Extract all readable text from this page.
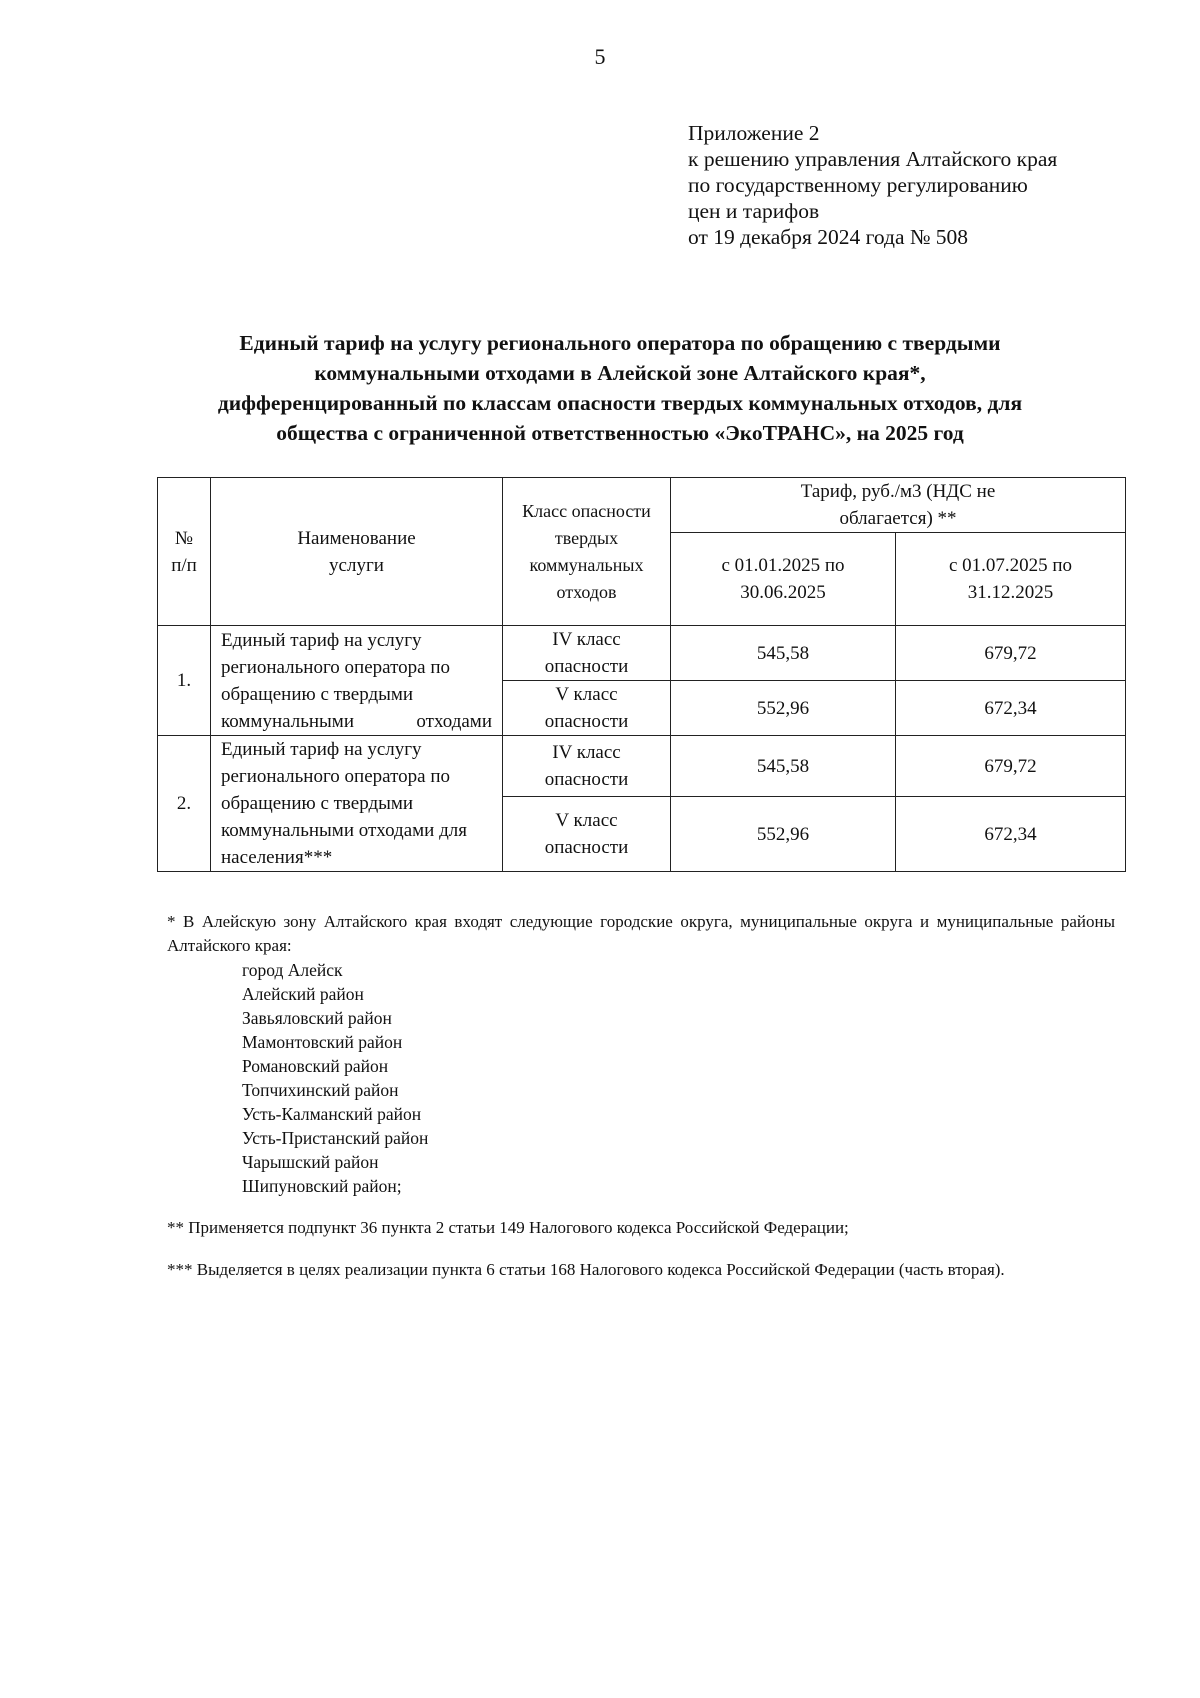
5
Приложение 2
к решению управления Алтайского края
по государственному регулированию
цен и тарифов
от 19 декабря 2024 года № 508
Единый тариф на услугу регионального оператора по обращению с твердыми
коммунальными отходами в Алейской зоне Алтайского края*,
дифференцированный по классам опасности твердых коммунальных отходов, для
общества с ограниченной ответственностью «ЭкоТРАНС», на 2025 год
№ п/п	Наименование услуги	Класс опасности твердых коммунальных отходов	Тариф, руб./м3 (НДС не облагается) **	
			с 01.01.2025 по 30.06.2025	с 01.07.2025 по 31.12.2025
1.	Единый тариф на услугу регионального оператора по обращению с твердыми коммунальными отходами	IV класс опасности	545,58	679,72
		V класс опасности	552,96	672,34
2.	Единый тариф на услугу регионального оператора по обращению с твердыми коммунальными отходами для населения***	IV класс опасности	545,58	679,72
		V класс опасности	552,96	672,34

* В Алейскую зону Алтайского края входят следующие городские округа, муниципальные округа и муниципальные районы Алтайского края:

город Алейск
Алейский район
Завьяловский район
Мамонтовский район
Романовский район
Топчихинский район
Усть-Калманский район
Усть-Пристанский район
Чарышский район
Шипуновский район;

** Применяется подпункт 36 пункта 2 статьи 149 Налогового кодекса Российской Федерации;

*** Выделяется в целях реализации пункта 6 статьи 168 Налогового кодекса Российской Федерации (часть вторая).
